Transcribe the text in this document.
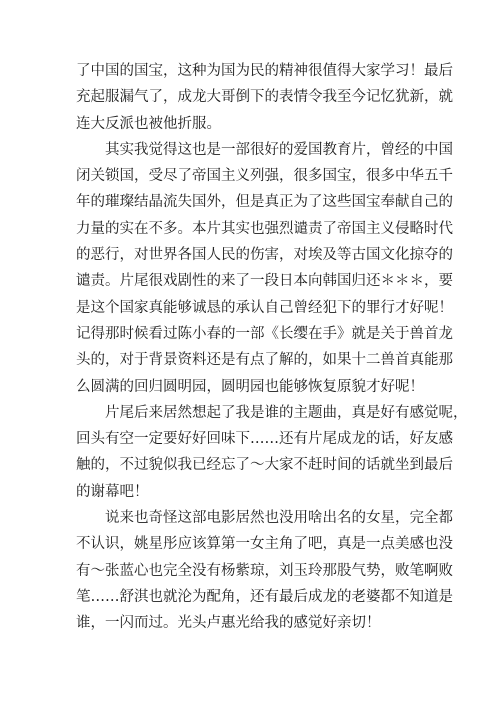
了中国的国宝，这种为国为民的精神很值得大家学习！最后
充起服漏气了，成龙大哥倒下的表情令我至今记忆犹新，就
连大反派也被他折服。

其实我觉得这也是一部很好的爱国教育片，曾经的中国
闭关锁国，受尽了帝国主义列强，很多国宝，很多中华五千
年的璀璨结晶流失国外，但是真正为了这些国宝奉献自己的
力量的实在不多。本片其实也强烈谴责了帝国主义侵略时代
的恶行，对世界各国人民的伤害，对埃及等古国文化掠夺的
谴责。片尾很戏剧性的来了一段日本向韩国归还＊＊＊，要
是这个国家真能够诚恳的承认自己曾经犯下的罪行才好呢！
记得那时候看过陈小春的一部《长缨在手》就是关于兽首龙
头的，对于背景资料还是有点了解的，如果十二兽首真能那
么圆满的回归圆明园，圆明园也能够恢复原貌才好呢！

片尾后来居然想起了我是谁的主题曲，真是好有感觉呢，
回头有空一定要好好回味下……还有片尾成龙的话，好友感
触的，不过貌似我已经忘了～大家不赶时间的话就坐到最后
的谢幕吧！

说来也奇怪这部电影居然也没用啥出名的女星，完全都
不认识，姚星彤应该算第一女主角了吧，真是一点美感也没
有～张蓝心也完全没有杨紫琼，刘玉玲那股气势，败笔啊败
笔……舒淇也就沦为配角，还有最后成龙的老婆都不知道是
谁，一闪而过。光头卢惠光给我的感觉好亲切！
